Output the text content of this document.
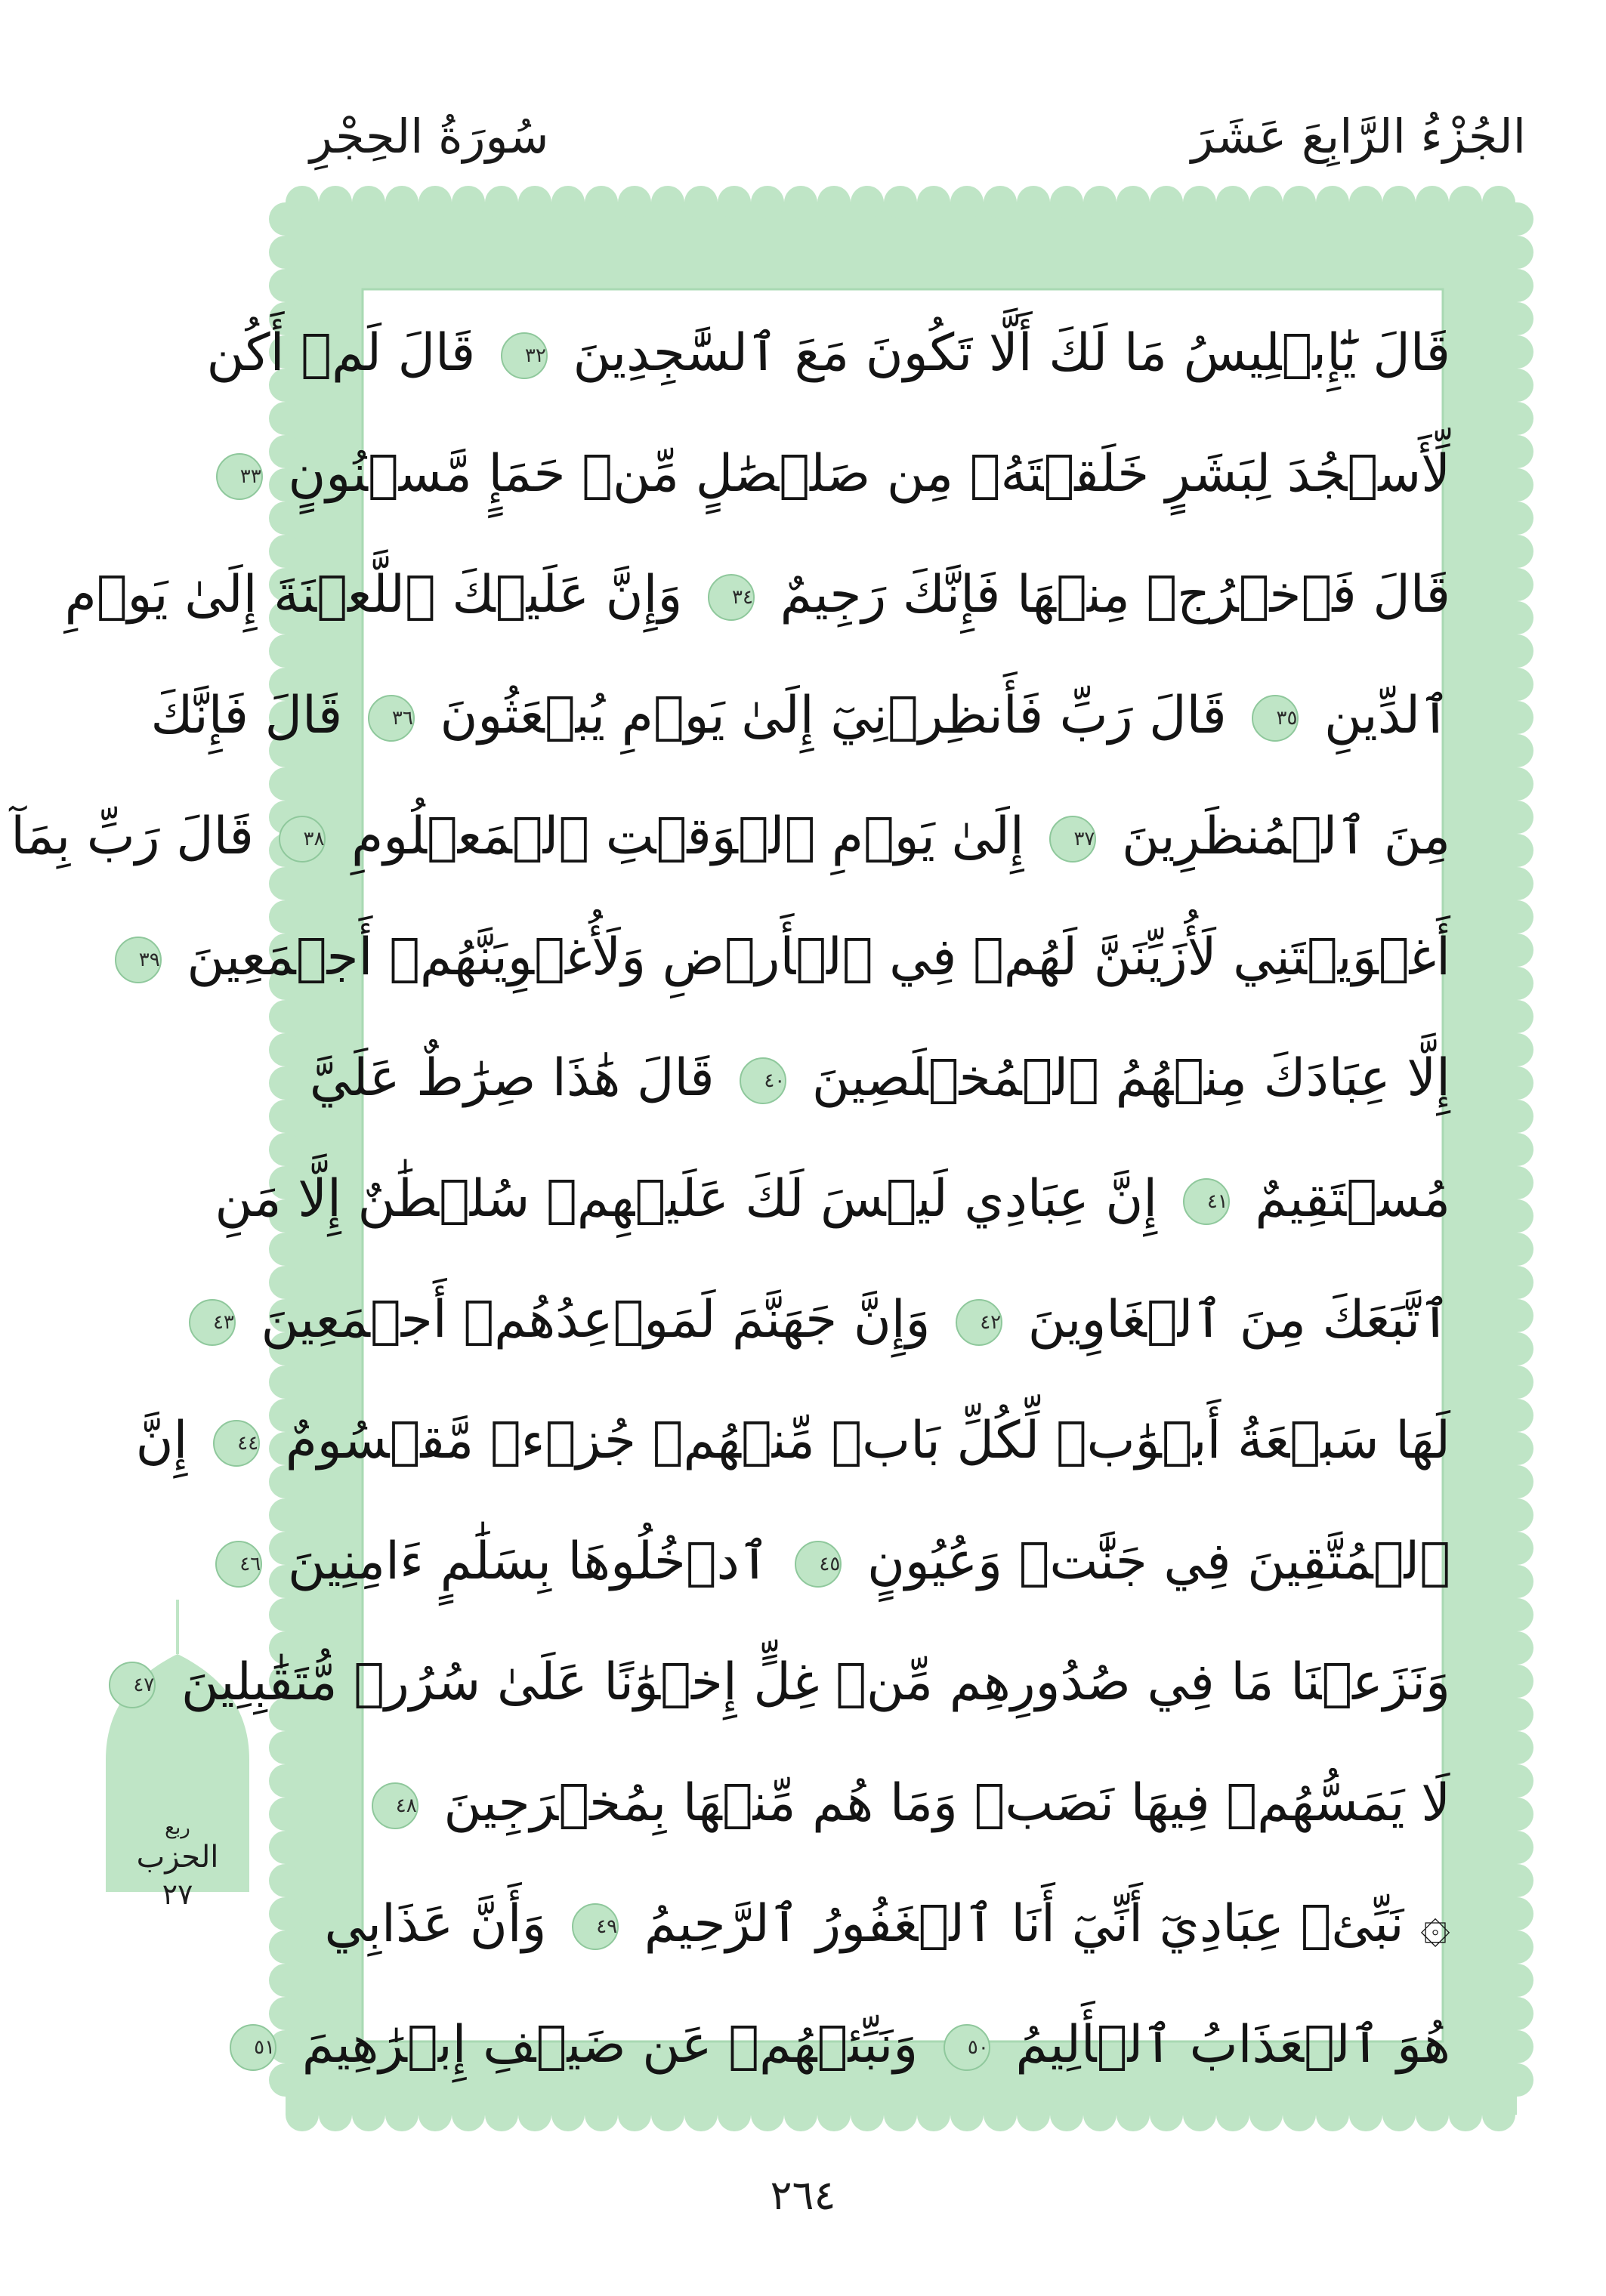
الجُزْءُ الرَّابِعَ عَشَرَ
سُورَةُ الحِجْرِ
قَالَ يَٰٓإِبۡلِيسُ مَا لَكَ أَلَّا تَكُونَ مَعَ ٱلسَّٰجِدِينَ ٣٢ قَالَ لَمۡ أَكُن
لِّأَسۡجُدَ لِبَشَرٍ خَلَقۡتَهُۥ مِن صَلۡصَٰلٍ مِّنۡ حَمَإٍ مَّسۡنُونٍ ٣٣
قَالَ فَٱخۡرُجۡ مِنۡهَا فَإِنَّكَ رَجِيمٌ ٣٤ وَإِنَّ عَلَيۡكَ ٱللَّعۡنَةَ إِلَىٰ يَوۡمِ
ٱلدِّينِ ٣٥ قَالَ رَبِّ فَأَنظِرۡنِيٓ إِلَىٰ يَوۡمِ يُبۡعَثُونَ ٣٦ قَالَ فَإِنَّكَ
مِنَ ٱلۡمُنظَرِينَ ٣٧ إِلَىٰ يَوۡمِ ٱلۡوَقۡتِ ٱلۡمَعۡلُومِ ٣٨ قَالَ رَبِّ بِمَآ
أَغۡوَيۡتَنِي لَأُزَيِّنَنَّ لَهُمۡ فِي ٱلۡأَرۡضِ وَلَأُغۡوِيَنَّهُمۡ أَجۡمَعِينَ ٣٩
إِلَّا عِبَادَكَ مِنۡهُمُ ٱلۡمُخۡلَصِينَ ٤٠ قَالَ هَٰذَا صِرَٰطٌ عَلَيَّ
مُسۡتَقِيمٌ ٤١ إِنَّ عِبَادِي لَيۡسَ لَكَ عَلَيۡهِمۡ سُلۡطَٰنٌ إِلَّا مَنِ
ٱتَّبَعَكَ مِنَ ٱلۡغَاوِينَ ٤٢ وَإِنَّ جَهَنَّمَ لَمَوۡعِدُهُمۡ أَجۡمَعِينَ ٤٣
لَهَا سَبۡعَةُ أَبۡوَٰبٖ لِّكُلِّ بَابٖ مِّنۡهُمۡ جُزۡءٞ مَّقۡسُومٌ ٤٤ إِنَّ
ٱلۡمُتَّقِينَ فِي جَنَّٰتٖ وَعُيُونٍ ٤٥ ٱدۡخُلُوهَا بِسَلَٰمٍ ءَامِنِينَ ٤٦
وَنَزَعۡنَا مَا فِي صُدُورِهِم مِّنۡ غِلٍّ إِخۡوَٰنًا عَلَىٰ سُرُرٖ مُّتَقَٰبِلِينَ ٤٧
لَا يَمَسُّهُمۡ فِيهَا نَصَبٞ وَمَا هُم مِّنۡهَا بِمُخۡرَجِينَ ٤٨
۞ نَبِّئۡ عِبَادِيٓ أَنِّيٓ أَنَا ٱلۡغَفُورُ ٱلرَّحِيمُ ٤٩ وَأَنَّ عَذَابِي
هُوَ ٱلۡعَذَابُ ٱلۡأَلِيمُ ٥٠ وَنَبِّئۡهُمۡ عَن ضَيۡفِ إِبۡرَٰهِيمَ ٥١
ربع
الحزب
٢٧
٢٦٤
